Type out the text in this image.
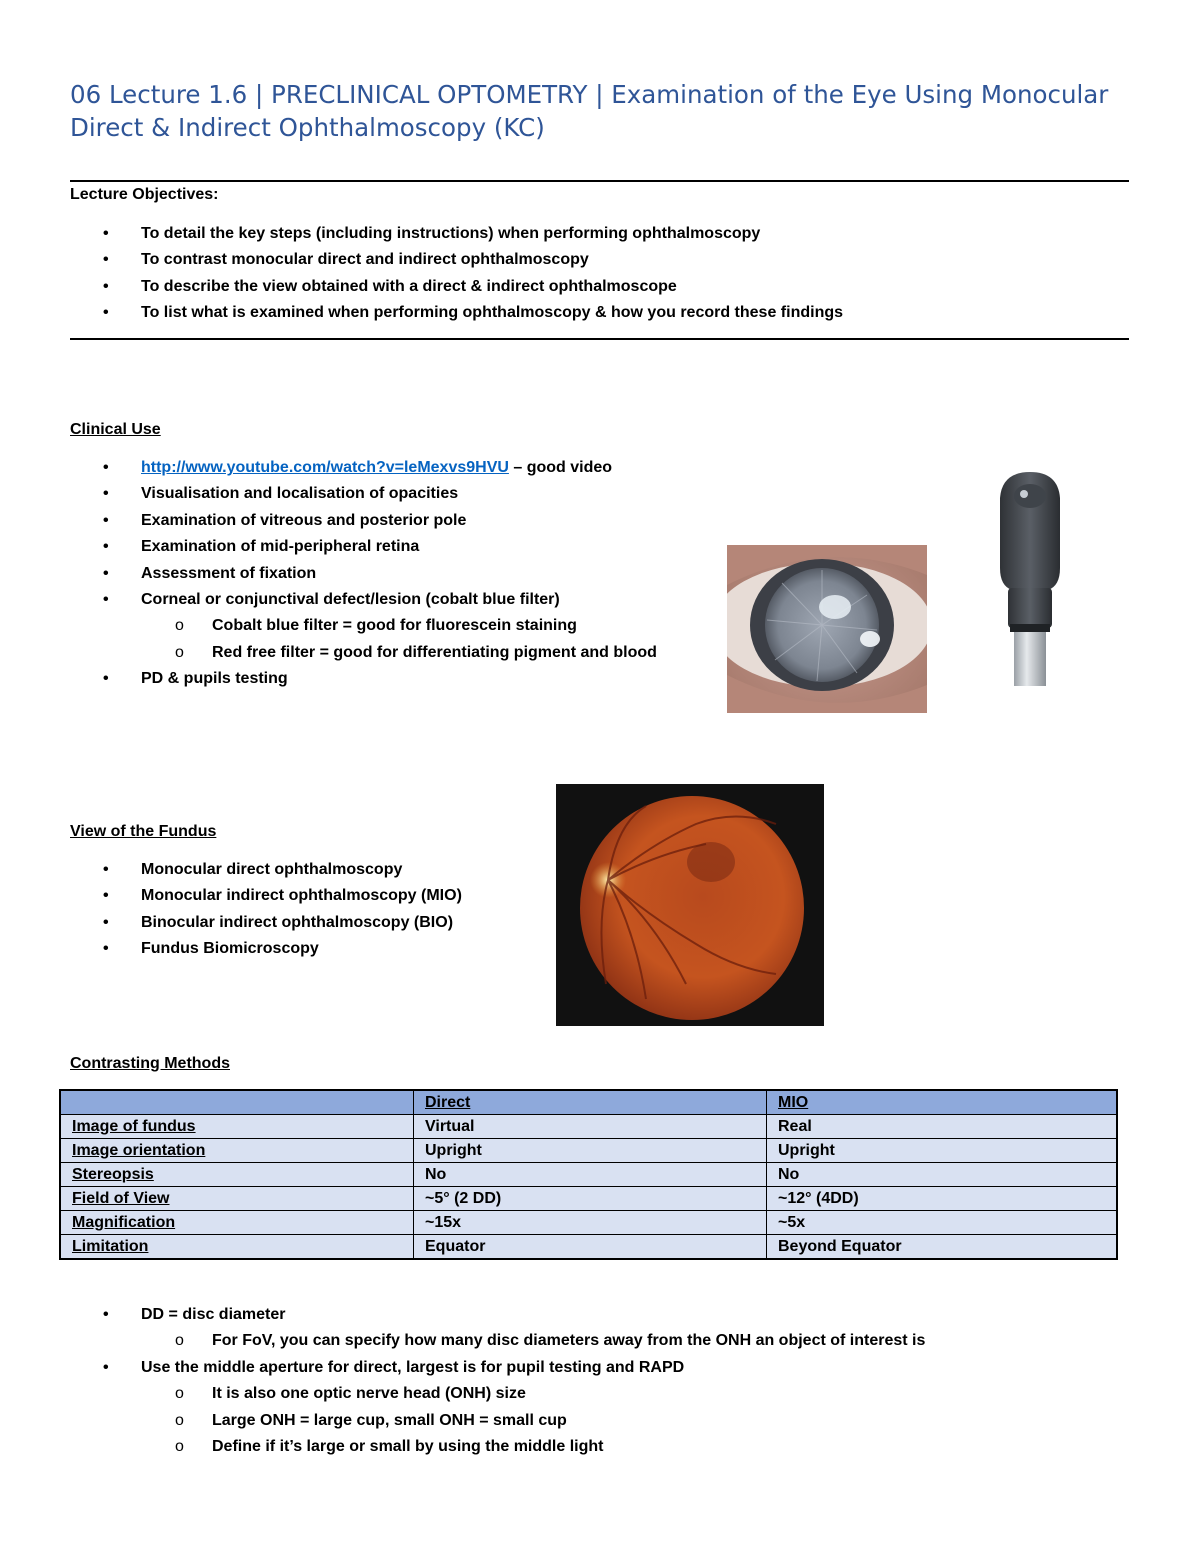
06 Lecture 1.6 | PRECLINICAL OPTOMETRY | Examination of the Eye Using Monocular Direct & Indirect Ophthalmoscopy (KC)

Lecture Objectives:

• To detail the key steps (including instructions) when performing ophthalmoscopy
• To contrast monocular direct and indirect ophthalmoscopy
• To describe the view obtained with a direct & indirect ophthalmoscope
• To list what is examined when performing ophthalmoscopy & how you record these findings

Clinical Use

• http://www.youtube.com/watch?v=leMexvs9HVU – good video
• Visualisation and localisation of opacities
• Examination of vitreous and posterior pole
• Examination of mid-peripheral retina
• Assessment of fixation
• Corneal or conjunctival defect/lesion (cobalt blue filter)
o Cobalt blue filter = good for fluorescein staining
o Red free filter = good for differentiating pigment and blood
• PD & pupils testing

View of the Fundus

• Monocular direct ophthalmoscopy
• Monocular indirect ophthalmoscopy (MIO)
• Binocular indirect ophthalmoscopy (BIO)
• Fundus Biomicroscopy

Contrasting Methods

	Direct	MIO
Image of fundus	Virtual	Real
Image orientation	Upright	Upright
Stereopsis	No	No
Field of View	~5° (2 DD)	~12° (4DD)
Magnification	~15x	~5x
Limitation	Equator	Beyond Equator
• DD = disc diameter
o For FoV, you can specify how many disc diameters away from the ONH an object of interest is
• Use the middle aperture for direct, largest is for pupil testing and RAPD
o It is also one optic nerve head (ONH) size
o Large ONH = large cup, small ONH = small cup
o Define if it’s large or small by using the middle light
